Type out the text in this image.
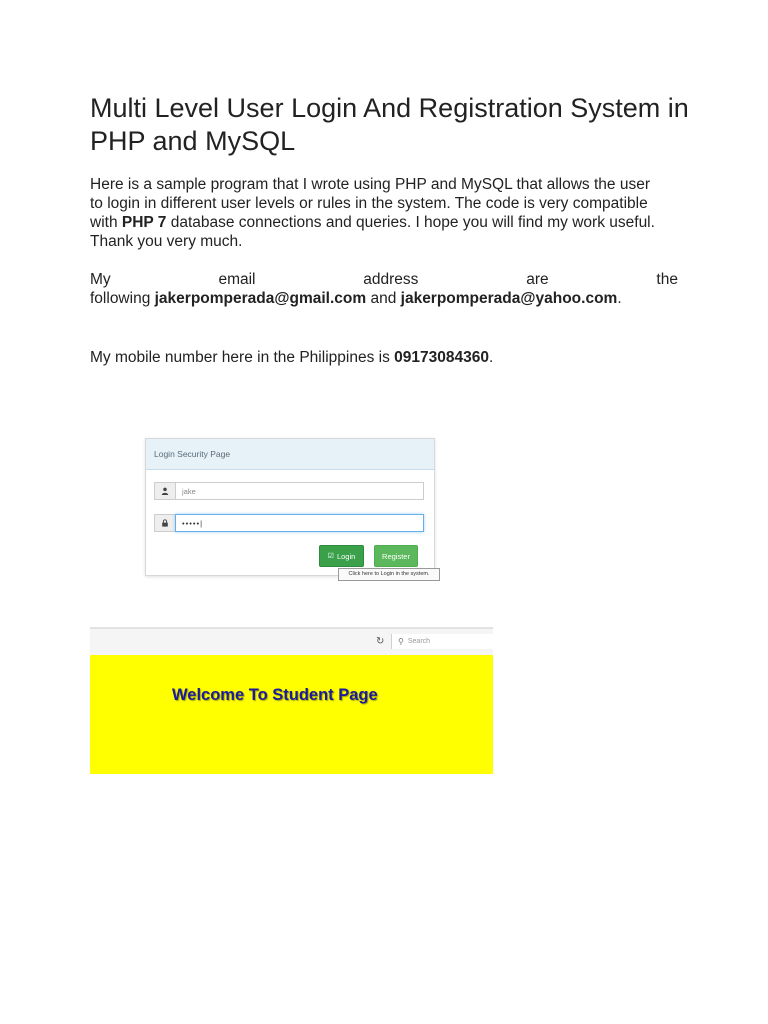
Multi Level User Login And Registration System in PHP and MySQL

Here is a sample program that I wrote using PHP and MySQL that allows the user
to login in different user levels or rules in the system. The code is very compatible
with PHP 7 database connections and queries. I hope you will find my work useful.
Thank you very much.

My	email	address	are	the
following jakerpomperada@gmail.com and jakerpomperada@yahoo.com.

My mobile number here in the Philippines is 09173084360.

Login Security Page
jake
•••••|
☑ Login	Register
Click here to Login in the system.
↻ ⚲ Search
Welcome To Student Page
